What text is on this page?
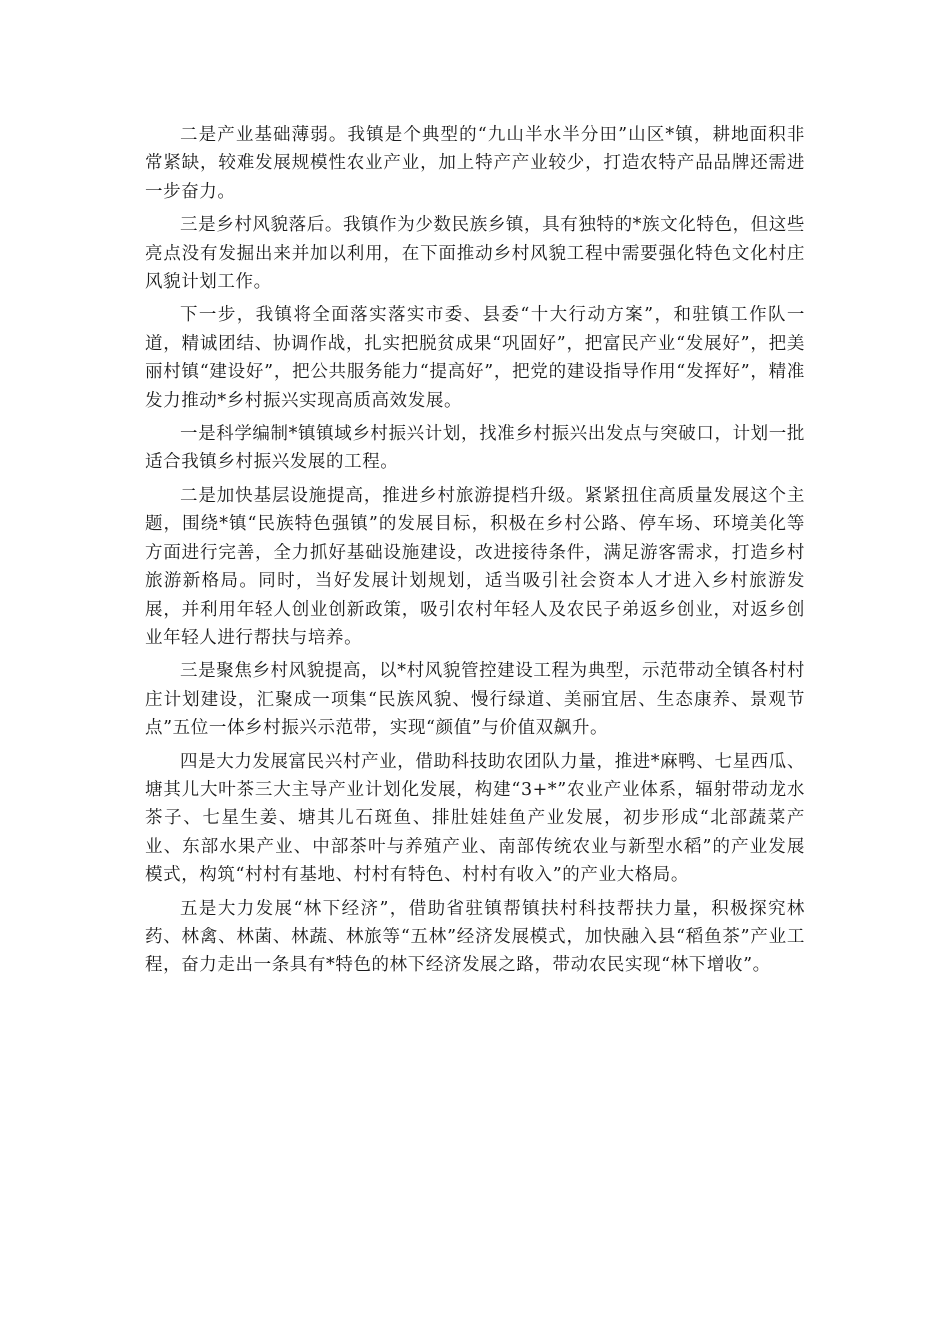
二是产业基础薄弱。我镇是个典型的“九山半水半分田”山区*镇，耕地面积非常紧缺，较难发展规模性农业产业，加上特产产业较少，打造农特产品品牌还需进一步奋力。

三是乡村风貌落后。我镇作为少数民族乡镇，具有独特的*族文化特色，但这些亮点没有发掘出来并加以利用，在下面推动乡村风貌工程中需要强化特色文化村庄风貌计划工作。

下一步，我镇将全面落实落实市委、县委“十大行动方案”，和驻镇工作队一道，精诚团结、协调作战，扎实把脱贫成果“巩固好”，把富民产业“发展好”，把美丽村镇“建设好”，把公共服务能力“提高好”，把党的建设指导作用“发挥好”，精准发力推动*乡村振兴实现高质高效发展。

一是科学编制*镇镇域乡村振兴计划，找准乡村振兴出发点与突破口，计划一批适合我镇乡村振兴发展的工程。

二是加快基层设施提高，推进乡村旅游提档升级。紧紧扭住高质量发展这个主题，围绕*镇“民族特色强镇”的发展目标，积极在乡村公路、停车场、环境美化等方面进行完善，全力抓好基础设施建设，改进接待条件，满足游客需求，打造乡村旅游新格局。同时，当好发展计划规划，适当吸引社会资本人才进入乡村旅游发展，并利用年轻人创业创新政策，吸引农村年轻人及农民子弟返乡创业，对返乡创业年轻人进行帮扶与培养。

三是聚焦乡村风貌提高，以*村风貌管控建设工程为典型，示范带动全镇各村村庄计划建设，汇聚成一项集“民族风貌、慢行绿道、美丽宜居、生态康养、景观节点”五位一体乡村振兴示范带，实现“颜值”与价值双飙升。

四是大力发展富民兴村产业，借助科技助农团队力量，推进*麻鸭、七星西瓜、塘其儿大叶茶三大主导产业计划化发展，构建“3+*”农业产业体系，辐射带动龙水茶子、七星生姜、塘其儿石斑鱼、排肚娃娃鱼产业发展，初步形成“北部蔬菜产业、东部水果产业、中部茶叶与养殖产业、南部传统农业与新型水稻”的产业发展模式，构筑“村村有基地、村村有特色、村村有收入”的产业大格局。

五是大力发展“林下经济”，借助省驻镇帮镇扶村科技帮扶力量，积极探究林药、林禽、林菌、林蔬、林旅等“五林”经济发展模式，加快融入县“稻鱼茶”产业工程，奋力走出一条具有*特色的林下经济发展之路，带动农民实现“林下增收”。
